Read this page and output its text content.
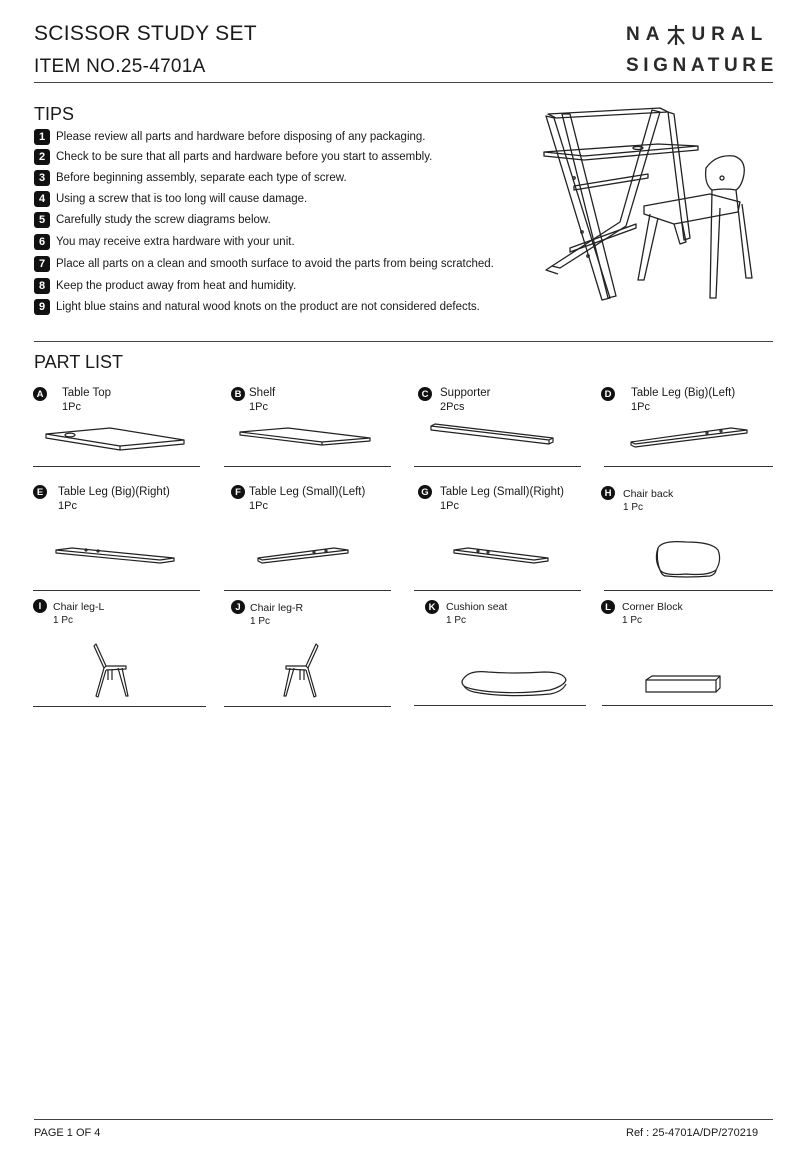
SCISSOR STUDY SET
ITEM NO.25-4701A
NA URAL
SIGNATURE
TIPS
1 Please review all parts and hardware before disposing of any packaging.
2 Check to be sure that all parts and hardware before you start to assembly.
3 Before beginning assembly, separate each type of screw.
4 Using a screw that is too long will cause damage.
5 Carefully study the screw diagrams below.
6 You may receive extra hardware with your unit.
7 Place all parts on a clean and smooth surface to avoid the parts from being scratched.
8 Keep the product away from heat and humidity.
9 Light blue stains and natural wood knots on the product are not considered defects.
PART LIST
A	Table Top
1Pc
B Shelf
1Pc
C	Supporter
2Pcs
D	Table Leg (Big)(Left)
1Pc
E	Table Leg (Big)(Right)
1Pc
F Table Leg (Small)(Left)
1Pc
G Table Leg (Small)(Right)
1Pc
H	Chair back
1 Pc
I	Chair leg-L
1 Pc
J Chair leg-R
1 Pc
K	Cushion seat
1 Pc
L	Corner Block
1 Pc
PAGE 1 OF 4	Ref : 25-4701A/DP/270219
